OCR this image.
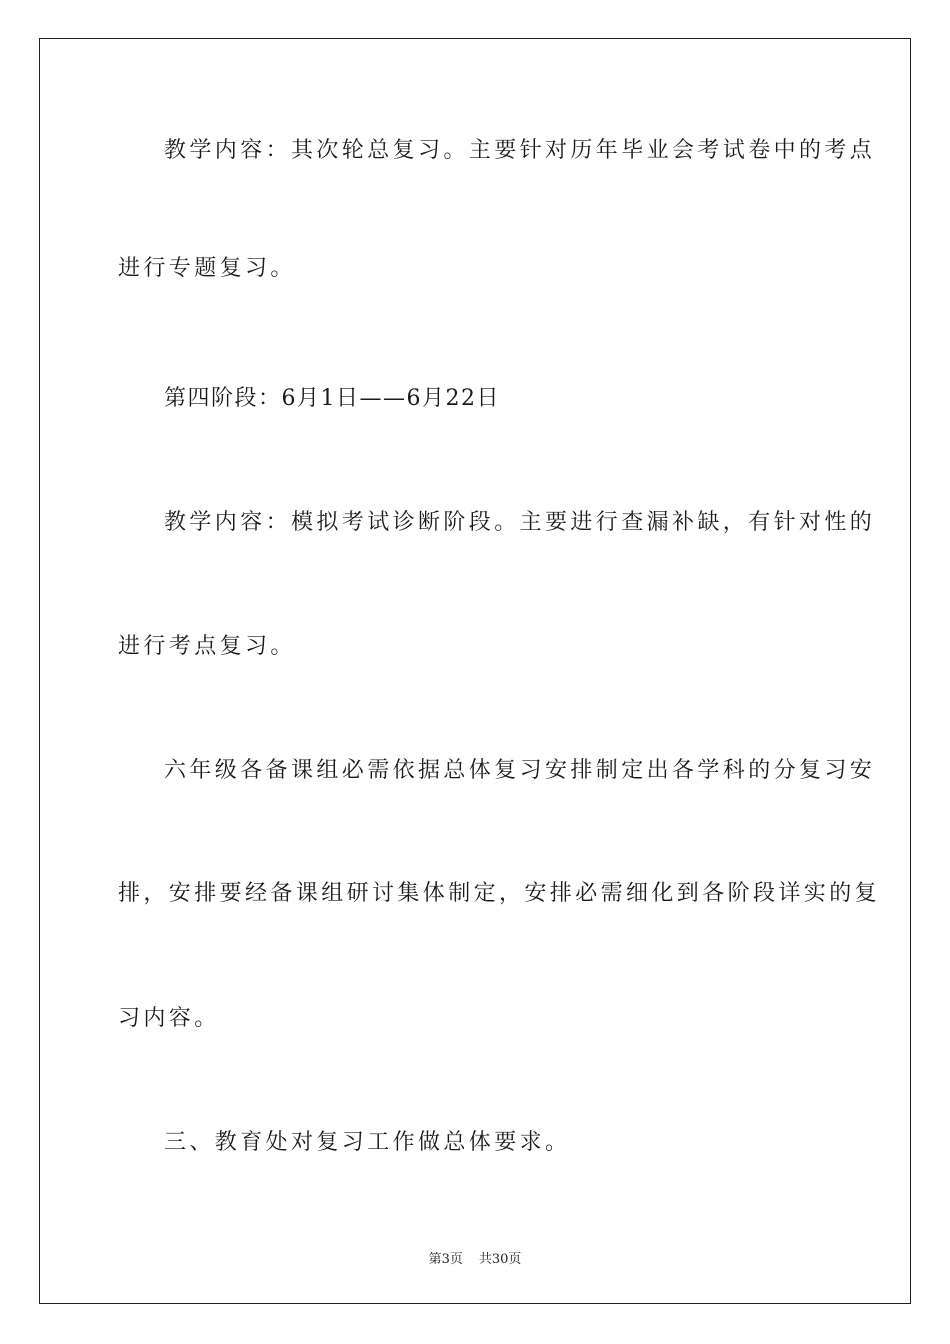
教学内容：其次轮总复习。主要针对历年毕业会考试卷中的考点
进行专题复习。
第四阶段：6月1日——6月22日
教学内容：模拟考试诊断阶段。主要进行查漏补缺，有针对性的
进行考点复习。
六年级各备课组必需依据总体复习安排制定出各学科的分复习安
排，安排要经备课组研讨集体制定，安排必需细化到各阶段详实的复
习内容。
三、教育处对复习工作做总体要求。
第3页 共30页
